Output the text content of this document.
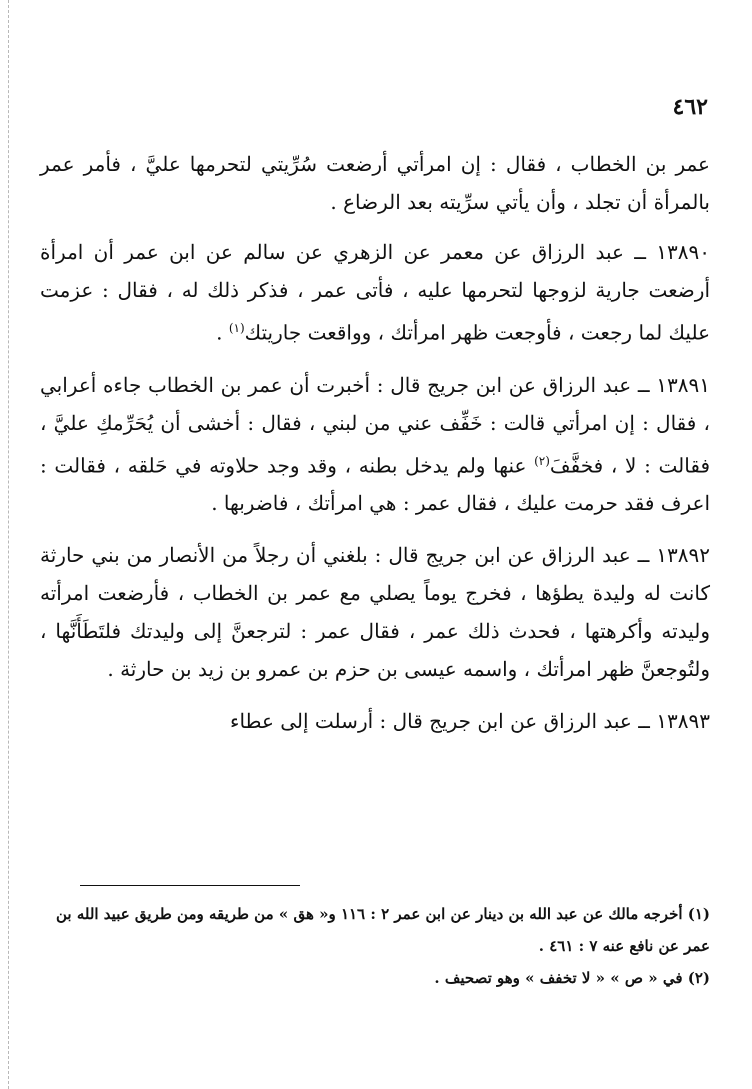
٤٦٢

عمر بن الخطاب ، فقال : إن امرأتي أرضعت سُرِّيتي لتحرمها عليَّ ، فأمر عمر بالمرأة أن تجلد ، وأن يأتي سرِّيته بعد الرضاع .

١٣٨٩٠ ــ عبد الرزاق عن معمر عن الزهري عن سالم عن ابن عمر أن امرأة أرضعت جارية لزوجها لتحرمها عليه ، فأتى عمر ، فذكر ذلك له ، فقال : عزمت عليك لما رجعت ، فأوجعت ظهر امرأتك ، وواقعت جاريتك$^{(١)}$ .

١٣٨٩١ ــ عبد الرزاق عن ابن جريج قال : أخبرت أن عمر بن الخطاب جاءه أعرابي ، فقال : إن امرأتي قالت : خَفِّف عني من لبني ، فقال : أخشى أن يُحَرِّمكِ عليَّ ، فقالت : لا ، فخفَّفَ$^{(٢)}$ عنها ولم يدخل بطنه ، وقد وجد حلاوته في حَلقه ، فقالت : اعرف فقد حرمت عليك ، فقال عمر : هي امرأتك ، فاضربها .

١٣٨٩٢ ــ عبد الرزاق عن ابن جريج قال : بلغني أن رجلاً من الأنصار من بني حارثة كانت له وليدة يطؤها ، فخرج يوماً يصلي مع عمر بن الخطاب ، فأرضعت امرأته وليدته وأكرهتها ، فحدث ذلك عمر ، فقال عمر : لترجعنَّ إلى وليدتك فلتَطَأَنَّها ، ولتُوجعنَّ ظهر امرأتك ، واسمه عيسى بن حزم بن عمرو بن زيد بن حارثة .

١٣٨٩٣ ــ عبد الرزاق عن ابن جريج قال : أرسلت إلى عطاء

(١) أخرجه مالك عن عبد الله بن دينار عن ابن عمر ٢ : ١١٦ و« هق » من طريقه ومن طريق عبيد الله بن عمر عن نافع عنه ٧ : ٤٦١ .

(٢) في « ص » « لا تخفف » وهو تصحيف .
